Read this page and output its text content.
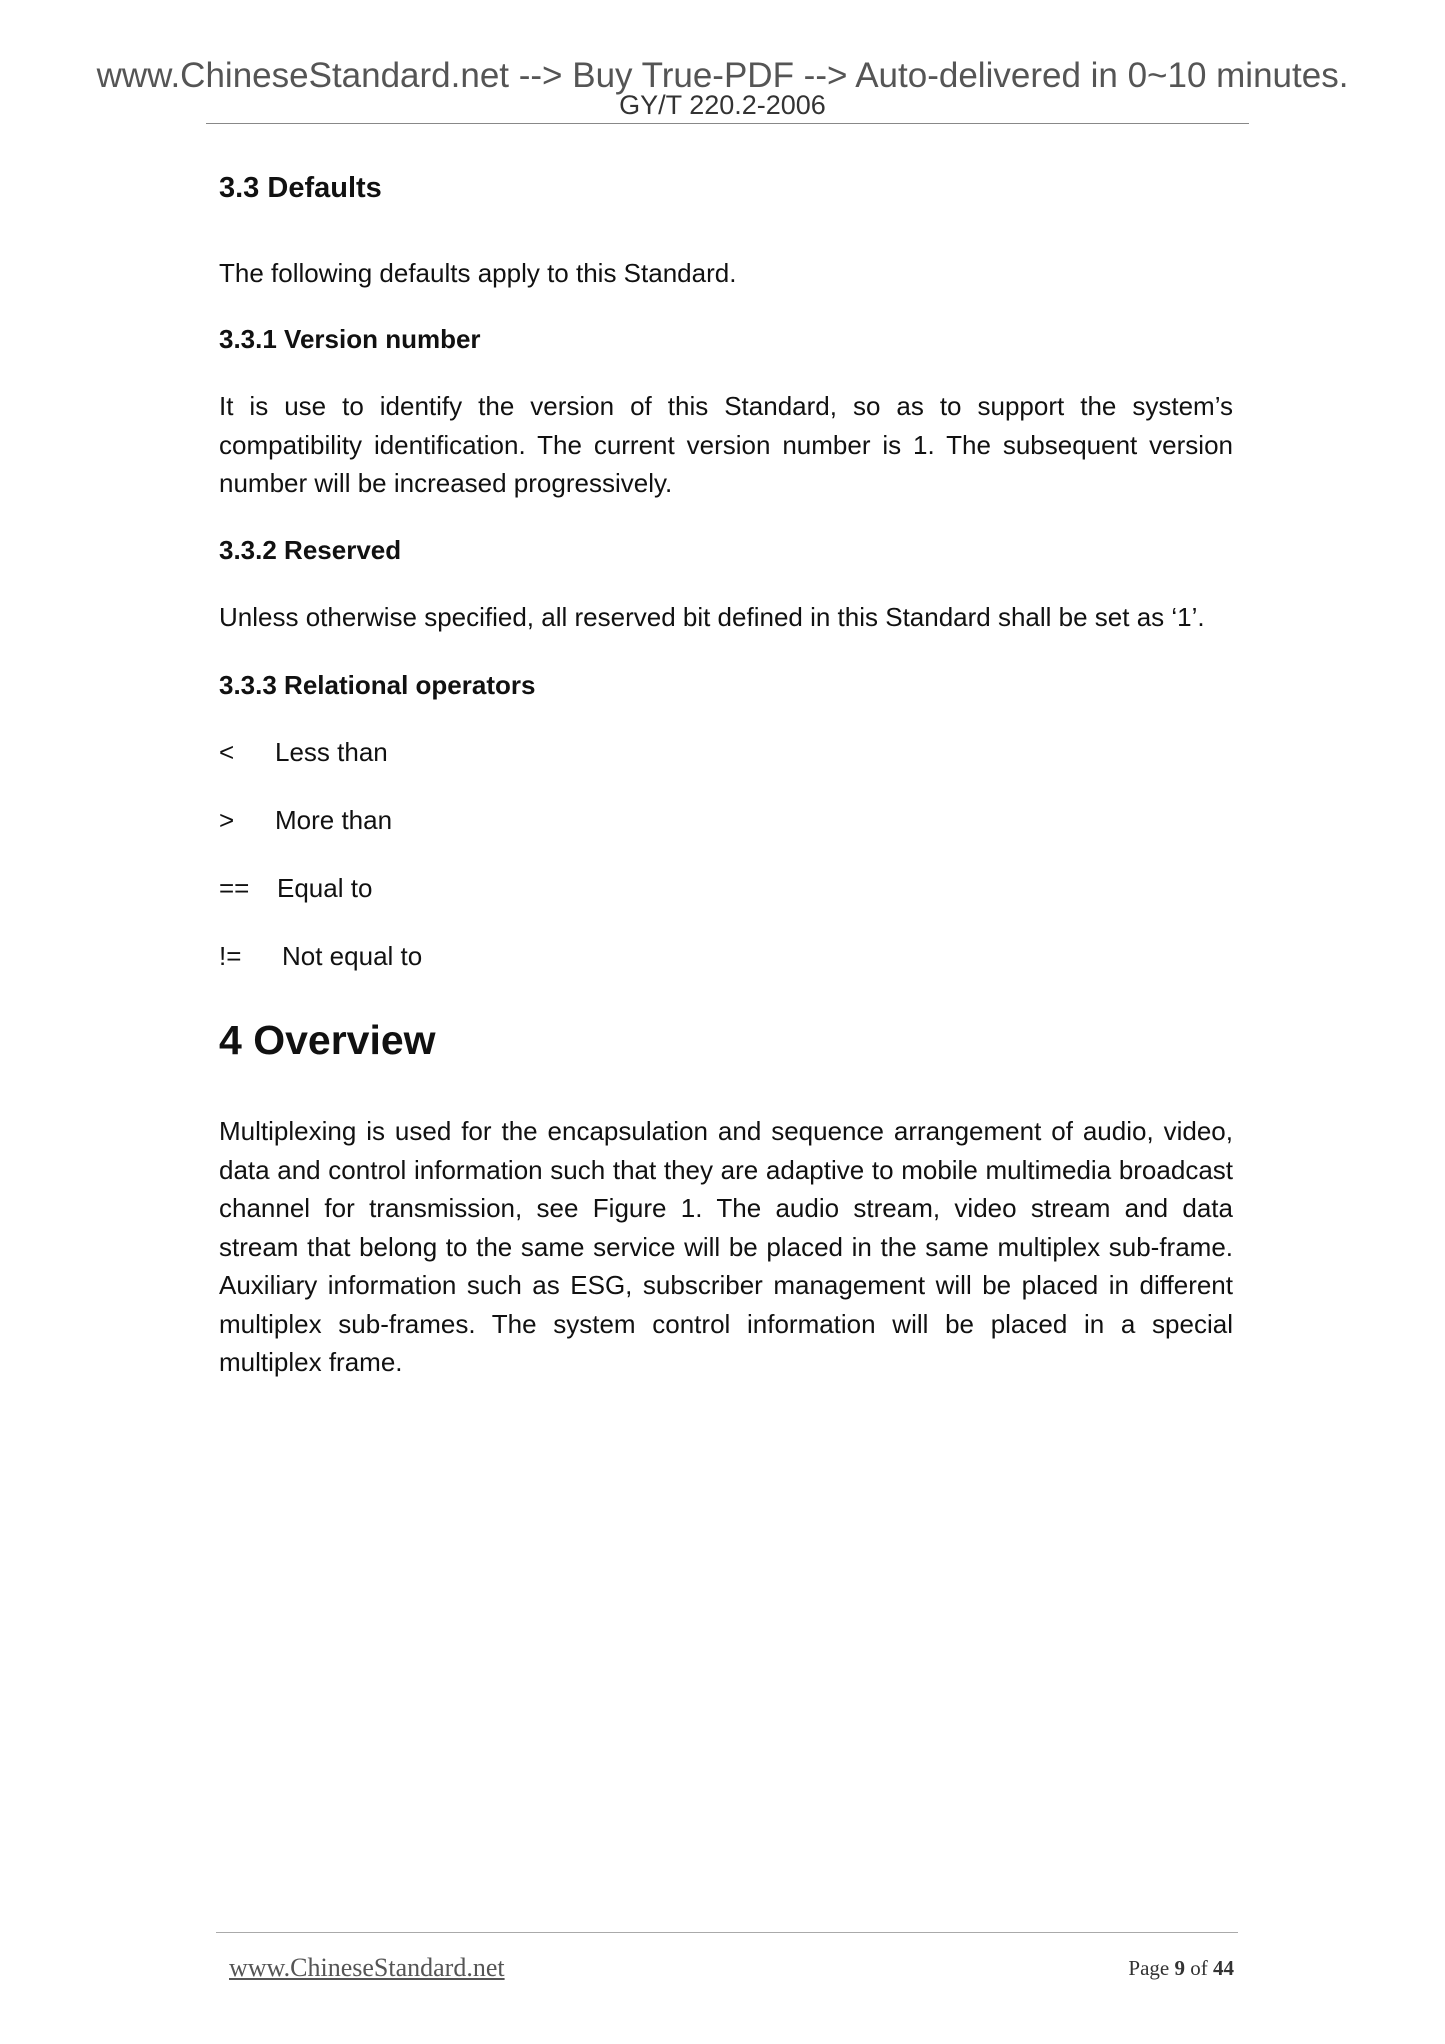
www.ChineseStandard.net --> Buy True-PDF --> Auto-delivered in 0~10 minutes.
GY/T 220.2-2006
3.3 Defaults
The following defaults apply to this Standard.
3.3.1 Version number
It is use to identify the version of this Standard, so as to support the system’s compatibility identification. The current version number is 1. The subsequent version number will be increased progressively.
3.3.2 Reserved
Unless otherwise specified, all reserved bit defined in this Standard shall be set as ‘1’.
3.3.3 Relational operators
< Less than
> More than
== Equal to
!= Not equal to
4 Overview
Multiplexing is used for the encapsulation and sequence arrangement of audio, video, data and control information such that they are adaptive to mobile multimedia broadcast channel for transmission, see Figure 1. The audio stream, video stream and data stream that belong to the same service will be placed in the same multiplex sub-frame. Auxiliary information such as ESG, subscriber management will be placed in different multiplex sub-frames. The system control information will be placed in a special multiplex frame.
www.ChineseStandard.net	Page 9 of 44
